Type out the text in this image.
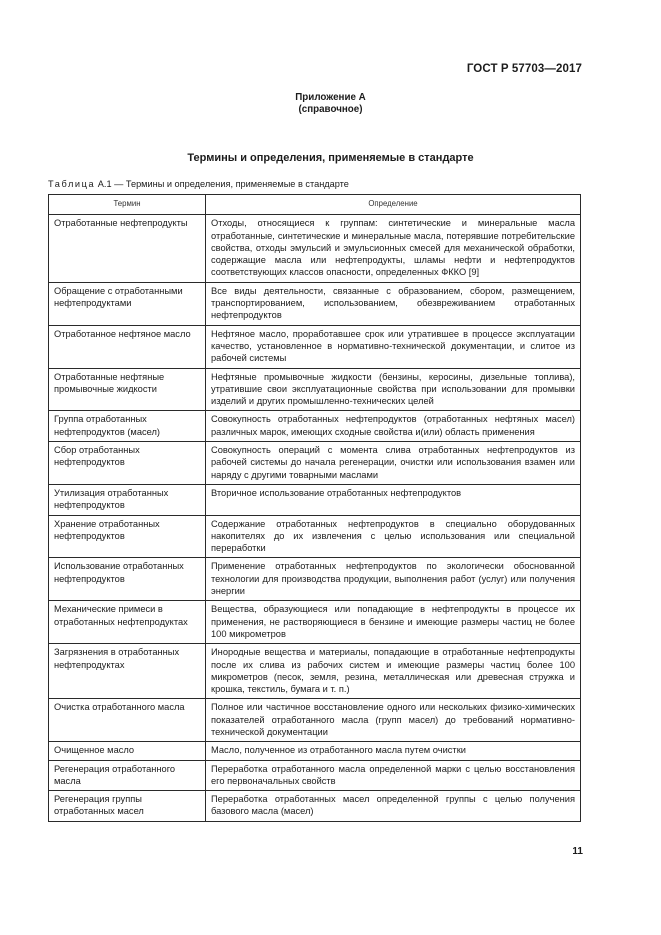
ГОСТ Р 57703—2017
Приложение А
(справочное)
Термины и определения, применяемые в стандарте
Таблица А.1 — Термины и определения, применяемые в стандарте
Термин	Определение
Отработанные нефтепродукты	Отходы, относящиеся к группам: синтетические и минеральные масла отработанные, синтетические и минеральные масла, потерявшие потребительские свойства, отходы эмульсий и эмульсионных смесей для механической обработки, содержащие масла или нефтепродукты, шламы нефти и нефтепродуктов соответствующих классов опасности, определенных ФККО [9]
Обращение с отработанными нефтепродуктами	Все виды деятельности, связанные с образованием, сбором, размещением, транспортированием, использованием, обезвреживанием отработанных нефтепродуктов
Отработанное нефтяное масло	Нефтяное масло, проработавшее срок или утратившее в процессе эксплуатации качество, установленное в нормативно-технической документации, и слитое из рабочей системы
Отработанные нефтяные промывочные жидкости	Нефтяные промывочные жидкости (бензины, керосины, дизельные топлива), утратившие свои эксплуатационные свойства при использовании для промывки изделий и других промышленно-технических целей
Группа отработанных нефтепродуктов (масел)	Совокупность отработанных нефтепродуктов (отработанных нефтяных масел) различных марок, имеющих сходные свойства и(или) область применения
Сбор отработанных нефтепродуктов	Совокупность операций с момента слива отработанных нефтепродуктов из рабочей системы до начала регенерации, очистки или использования взамен или наряду с другими товарными маслами
Утилизация отработанных нефтепродуктов	Вторичное использование отработанных нефтепродуктов
Хранение отработанных нефтепродуктов	Содержание отработанных нефтепродуктов в специально оборудованных накопителях до их извлечения с целью использования или специальной переработки
Использование отработанных нефтепродуктов	Применение отработанных нефтепродуктов по экологически обоснованной технологии для производства продукции, выполнения работ (услуг) или получения энергии
Механические примеси в отработанных нефтепродуктах	Вещества, образующиеся или попадающие в нефтепродукты в процессе их применения, не растворяющиеся в бензине и имеющие размеры частиц не более 100 микрометров
Загрязнения в отработанных нефтепродуктах	Инородные вещества и материалы, попадающие в отработанные нефтепродукты после их слива из рабочих систем и имеющие размеры частиц более 100 микрометров (песок, земля, резина, металлическая или древесная стружка и крошка, текстиль, бумага и т. п.)
Очистка отработанного масла	Полное или частичное восстановление одного или нескольких физико-химических показателей отработанного масла (групп масел) до требований нормативно-технической документации
Очищенное масло	Масло, полученное из отработанного масла путем очистки
Регенерация отработанного масла	Переработка отработанного масла определенной марки с целью восстановления его первоначальных свойств
Регенерация группы отработанных масел	Переработка отработанных масел определенной группы с целью получения базового масла (масел)
11
